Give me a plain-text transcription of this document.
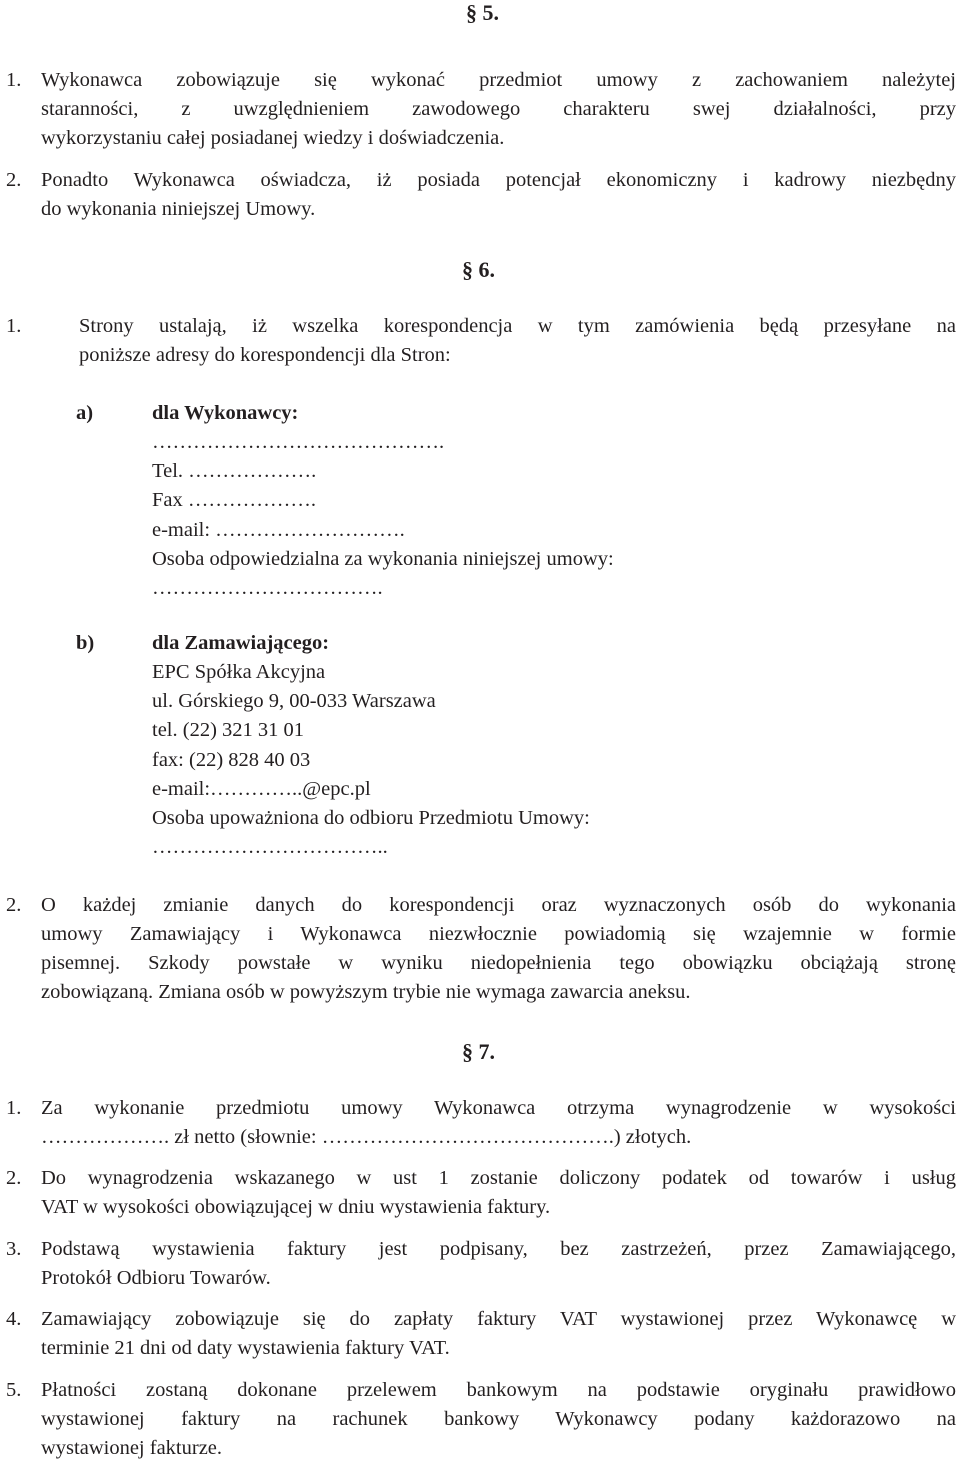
§ 5.
1. Wykonawca zobowiązuje się wykonać przedmiot umowy z zachowaniem należytej
staranności, z uwzględnieniem zawodowego charakteru swej działalności, przy
wykorzystaniu całej posiadanej wiedzy i doświadczenia.
2. Ponadto Wykonawca oświadcza, iż posiada potencjał ekonomiczny i kadrowy niezbędny
do wykonania niniejszej Umowy.
§ 6.
1.	Strony ustalają, iż wszelka korespondencja w tym zamówienia będą przesyłane na
poniższe adresy do korespondencji dla Stron:
a)	dla Wykonawcy:
…………………………………….
Tel. ……………….
Fax ……………….
e-mail: ……………………….
Osoba odpowiedzialna za wykonania niniejszej umowy:
…………………………….
b)	dla Zamawiającego:
EPC Spółka Akcyjna
ul. Górskiego 9, 00-033 Warszawa
tel. (22) 321 31 01
fax: (22) 828 40 03
e-mail:…………..@epc.pl
Osoba upoważniona do odbioru Przedmiotu Umowy:
……………………………..
2. O każdej zmianie danych do korespondencji oraz wyznaczonych osób do wykonania
umowy Zamawiający i Wykonawca niezwłocznie powiadomią się wzajemnie w formie
pisemnej. Szkody powstałe w wyniku niedopełnienia tego obowiązku obciążają stronę
zobowiązaną. Zmiana osób w powyższym trybie nie wymaga zawarcia aneksu.
§ 7.
1. Za wykonanie przedmiotu umowy Wykonawca otrzyma wynagrodzenie w wysokości
………………. zł netto (słownie: …………………………………….) złotych.
2. Do wynagrodzenia wskazanego w ust 1 zostanie doliczony podatek od towarów i usług
VAT w wysokości obowiązującej w dniu wystawienia faktury.
3. Podstawą wystawienia faktury jest podpisany, bez zastrzeżeń, przez Zamawiającego,
Protokół Odbioru Towarów.
4. Zamawiający zobowiązuje się do zapłaty faktury VAT wystawionej przez Wykonawcę w
terminie 21 dni od daty wystawienia faktury VAT.
5. Płatności zostaną dokonane przelewem bankowym na podstawie oryginału prawidłowo
wystawionej faktury na rachunek bankowy Wykonawcy podany każdorazowo na
wystawionej fakturze.
